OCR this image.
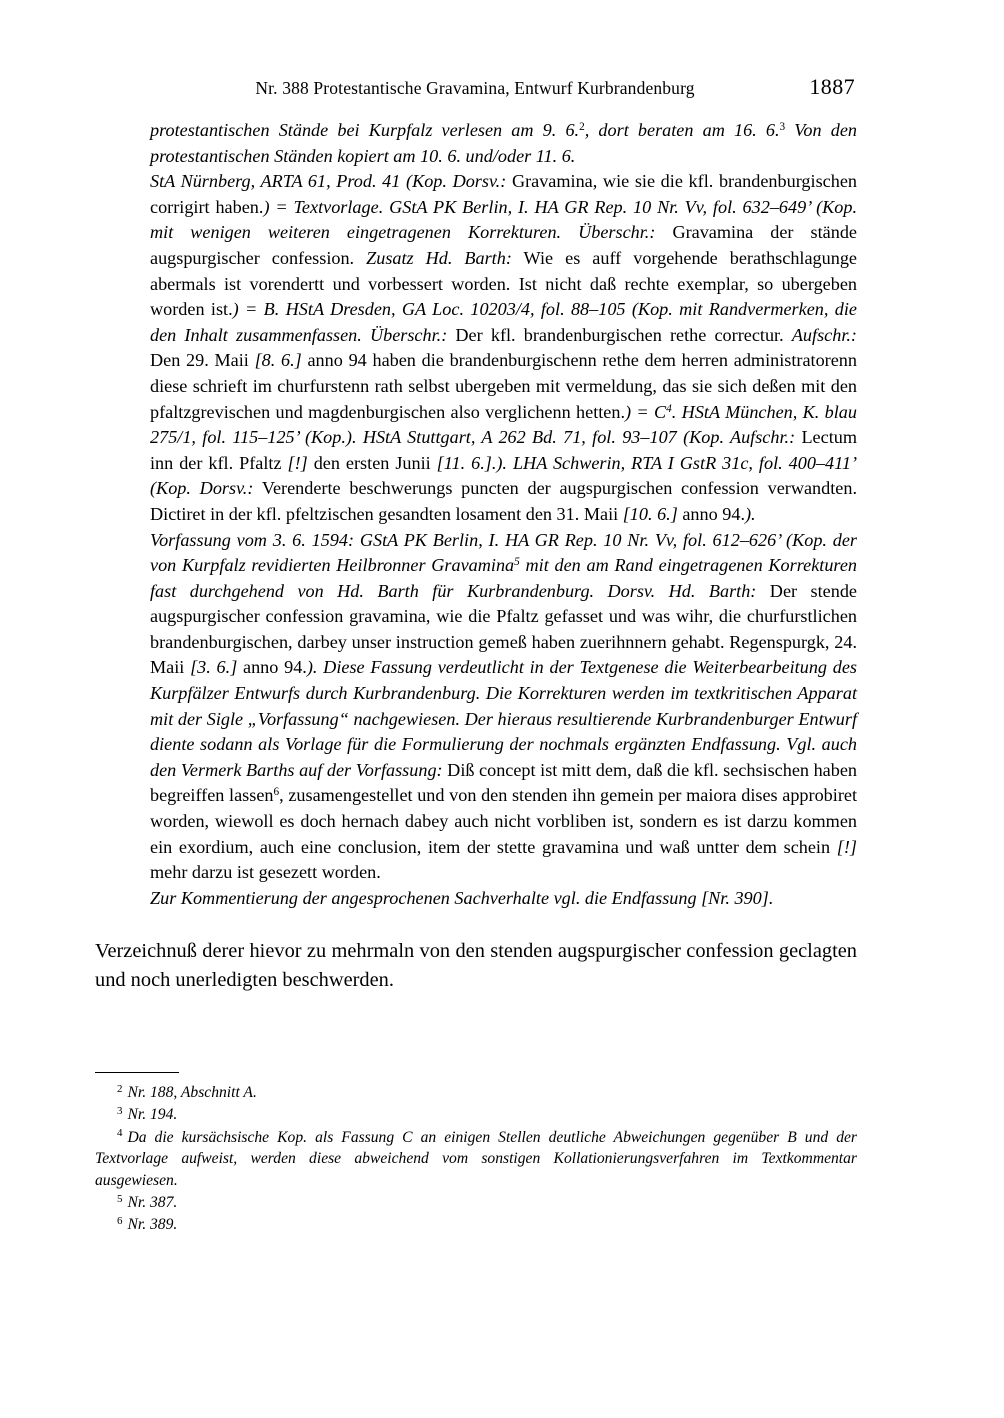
Nr. 388 Protestantische Gravamina, Entwurf Kurbrandenburg	1887

protestantischen Stände bei Kurpfalz verlesen am 9. 6.$^2$, dort beraten am 16. 6.$^3$ Von den protestantischen Ständen kopiert am 10. 6. und/oder 11. 6.

StA Nürnberg, ARTA 61, Prod. 41 (Kop. Dorsv.: Gravamina, wie sie die kfl. brandenburgischen corrigirt haben.) = Textvorlage. GStA PK Berlin, I. HA GR Rep. 10 Nr. Vv, fol. 632–649’ (Kop. mit wenigen weiteren eingetragenen Korrekturen. Überschr.: Gravamina der stände augspurgischer confession. Zusatz Hd. Barth: Wie es auff vorgehende berathschlagunge abermals ist vorendertt und vorbessert worden. Ist nicht daß rechte exemplar, so ubergeben worden ist.) = B. HStA Dresden, GA Loc. 10203/4, fol. 88–105 (Kop. mit Randvermerken, die den Inhalt zusammenfassen. Überschr.: Der kfl. brandenburgischen rethe correctur. Aufschr.: Den 29. Maii [8. 6.] anno 94 haben die brandenburgischenn rethe dem herren administratorenn diese schrieft im churfurstenn rath selbst ubergeben mit vermeldung, das sie sich deßen mit den pfaltzgrevischen und magdenburgischen also verglichenn hetten.) = C$^4$. HStA München, K. blau 275/1, fol. 115–125’ (Kop.). HStA Stuttgart, A 262 Bd. 71, fol. 93–107 (Kop. Aufschr.: Lectum inn der kfl. Pfaltz [!] den ersten Junii [11. 6.].). LHA Schwerin, RTA I GstR 31c, fol. 400–411’ (Kop. Dorsv.: Verenderte beschwerungs puncten der augspurgischen confession verwandten. Dictiret in der kfl. pfeltzischen gesandten losament den 31. Maii [10. 6.] anno 94.).

Vorfassung vom 3. 6. 1594: GStA PK Berlin, I. HA GR Rep. 10 Nr. Vv, fol. 612–626’ (Kop. der von Kurpfalz revidierten Heilbronner Gravamina$^5$ mit den am Rand eingetragenen Korrekturen fast durchgehend von Hd. Barth für Kurbrandenburg. Dorsv. Hd. Barth: Der stende augspurgischer confession gravamina, wie die Pfaltz gefasset und was wihr, die churfurstlichen brandenburgischen, darbey unser instruction gemeß haben zuerihnnern gehabt. Regenspurgk, 24. Maii [3. 6.] anno 94.). Diese Fassung verdeutlicht in der Textgenese die Weiterbearbeitung des Kurpfälzer Entwurfs durch Kurbrandenburg. Die Korrekturen werden im textkritischen Apparat mit der Sigle „Vorfassung“ nachgewiesen. Der hieraus resultierende Kurbrandenburger Entwurf diente sodann als Vorlage für die Formulierung der nochmals ergänzten Endfassung. Vgl. auch den Vermerk Barths auf der Vorfassung: Diß concept ist mitt dem, daß die kfl. sechsischen haben begreiffen lassen$^6$, zusamengestellet und von den stenden ihn gemein per maiora dises approbiret worden, wiewoll es doch hernach dabey auch nicht vorbliben ist, sondern es ist darzu kommen ein exordium, auch eine conclusion, item der stette gravamina und waß untter dem schein [!] mehr darzu ist gesezett worden.

Zur Kommentierung der angesprochenen Sachverhalte vgl. die Endfassung [Nr. 390].

Verzeichnuß derer hievor zu mehrmaln von den stenden augspurgischer confession geclagten und noch unerledigten beschwerden.

$^2$ Nr. 188, Abschnitt A.

$^3$ Nr. 194.

$^4$ Da die kursächsische Kop. als Fassung C an einigen Stellen deutliche Abweichungen gegenüber B und der Textvorlage aufweist, werden diese abweichend vom sonstigen Kollationierungsverfahren im Textkommentar ausgewiesen.

$^5$ Nr. 387.

$^6$ Nr. 389.
